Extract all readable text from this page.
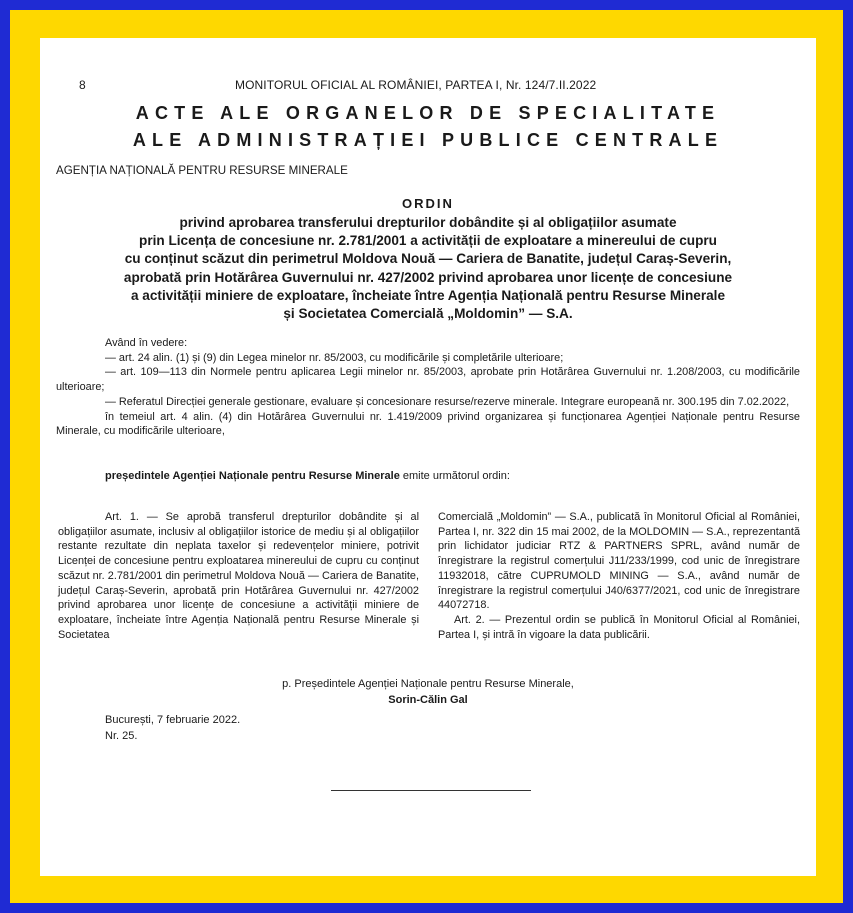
8	MONITORUL OFICIAL AL ROMÂNIEI, PARTEA I, Nr. 124/7.II.2022
ACTE ALE ORGANELOR DE SPECIALITATE
ALE ADMINISTRAȚIEI PUBLICE CENTRALE
AGENȚIA NAȚIONALĂ PENTRU RESURSE MINERALE
ORDIN
privind aprobarea transferului drepturilor dobândite și al obligațiilor asumate
prin Licența de concesiune nr. 2.781/2001 a activității de exploatare a minereului de cupru
cu conținut scăzut din perimetrul Moldova Nouă — Cariera de Banatite, județul Caraș-Severin,
aprobată prin Hotărârea Guvernului nr. 427/2002 privind aprobarea unor licențe de concesiune
a activității miniere de exploatare, încheiate între Agenția Națională pentru Resurse Minerale
și Societatea Comercială „Moldomin” — S.A.

Având în vedere:

— art. 24 alin. (1) și (9) din Legea minelor nr. 85/2003, cu modificările și completările ulterioare;

— art. 109—113 din Normele pentru aplicarea Legii minelor nr. 85/2003, aprobate prin Hotărârea Guvernului nr. 1.208/2003, cu modificările ulterioare;

— Referatul Direcției generale gestionare, evaluare și concesionare resurse/rezerve minerale. Integrare europeană nr. 300.195 din 7.02.2022,

în temeiul art. 4 alin. (4) din Hotărârea Guvernului nr. 1.419/2009 privind organizarea și funcționarea Agenției Naționale pentru Resurse Minerale, cu modificările ulterioare,

președintele Agenției Naționale pentru Resurse Minerale emite următorul ordin:

Art. 1. — Se aprobă transferul drepturilor dobândite și al obligațiilor asumate, inclusiv al obligațiilor istorice de mediu și al obligațiilor restante rezultate din neplata taxelor și redevențelor miniere, potrivit Licenței de concesiune pentru exploatarea minereului de cupru cu conținut scăzut nr. 2.781/2001 din perimetrul Moldova Nouă — Cariera de Banatite, județul Caraș-Severin, aprobată prin Hotărârea Guvernului nr. 427/2002 privind aprobarea unor licențe de concesiune a activității miniere de exploatare, încheiate între Agenția Națională pentru Resurse Minerale și Societatea

Comercială „Moldomin” — S.A., publicată în Monitorul Oficial al României, Partea I, nr. 322 din 15 mai 2002, de la MOLDOMIN — S.A., reprezentantă prin lichidator judiciar RTZ & PARTNERS SPRL, având număr de înregistrare la registrul comerțului J11/233/1999, cod unic de înregistrare 11932018, către CUPRUMOLD MINING — S.A., având număr de înregistrare la registrul comerțului J40/6377/2021, cod unic de înregistrare 44072718.

Art. 2. — Prezentul ordin se publică în Monitorul Oficial al României, Partea I, și intră în vigoare la data publicării.

p. Președintele Agenției Naționale pentru Resurse Minerale,
Sorin-Călin Gal
București, 7 februarie 2022.
Nr. 25.
